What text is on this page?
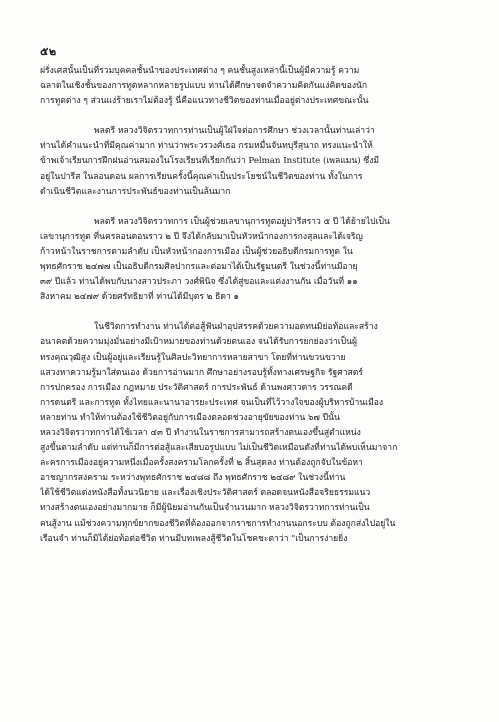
๕๒

ฝรั่งเศสนั้นเป็นที่รวมบุคคลชั้นนำของประเทศต่าง ๆ คนชั้นสูงเหล่านี้เป็นผู้มีความรู้ ความ
ฉลาดในเชิงชั้นของการทูตหลากหลายรูปแบบ ท่านได้ศึกษาจดจำความคิดกันแง่คิดของนัก
การทูตต่าง ๆ ส่วนแง่ร้ายเราไม่ต้องรู้ นี่คือแนวทางชีวิตของท่านเมื่ออยู่ต่างประเทศขณะนั้น

พลตรี หลวงวิจิตรวาทการท่านเป็นผู้ใฝ่ใจต่อการศึกษา ช่วงเวลานั้นท่านเล่าว่า
ท่านได้คำแนะนำที่มีคุณค่ามาก ท่านว่าพระวรวงศ์เธอ กรมหมื่นจันทบุรีสุนาถ ทรงแนะนำให้
ข้าพเจ้าเรียนการฝึกฝนอ่านสมองในโรงเรียนที่เรียกกันว่า Pelman Institute (เพลแมน) ซึ่งมี
อยู่ในปารีส ในลอนดอน ผลการเรียนครั้งนี้คุณค่าเป็นประโยชน์ในชีวิตของท่าน ทั้งในการ
ดำเนินชีวิตและงานการประพันธ์ของท่านเป็นล้นมาก

พลตรี หลวงวิจิตรวาทการ เป็นผู้ช่วยเลขานุการทูตอยู่ปารีสราว ๕ ปี ได้ย้ายไปเป็น
เลขานุการทูต ที่นครลอนดอนราว ๒ ปี จึงได้กลับมาเป็นหัวหน้ากองการกงสุลและได้เจริญ
ก้าวหน้าในราชการตามลำดับ เป็นหัวหน้ากองการเมือง เป็นผู้ช่วยอธิบดีกรมการทูต ใน
พุทธศักราช ๒๔๗๗ เป็นอธิบดีกรมศิลปากรและต่อมาได้เป็นรัฐมนตรี ในช่วงนี้ท่านมีอายุ
๓๙ ปีแล้ว ท่านได้พบกับนางสาวประภา วงศ์พินิจ ซึ่งได้สู่ขอและแต่งงานกัน เมื่อวันที่ ๑๑
สิงหาคม ๒๔๗๙ ด้วยศรัทธิยาที่ ท่านได้มีบุตร ๒ ธิดา ๑

ในชีวิตการทำงาน ท่านได้ต่อสู้ฟันฝ่าอุปสรรคด้วยความอดทนมิย่อท้อและสร้าง
อนาคตด้วยความมุ่งมั่นอย่างมีเป้าหมายของท่านด้วยตนเอง จนได้รับการยกย่องว่าเป็นผู้
ทรงคุณวุฒิสูง เป็นผู้อยู่และเรียนรู้ในศิลปะวิทยาการหลายสาขา โดยที่ท่านขวนขวาย
แสวงหาความรู้มาใส่ตนเอง ด้วยการอ่านมาก ศึกษาอย่างรอบรู้ทั้งทางเศรษฐกิจ รัฐศาสตร์
การปกครอง การเมือง กฎหมาย ประวัติศาสตร์ การประพันธ์ ด้านพงศาวดาร วรรณคดี
การดนตรี และการทูต ทั้งไทยและนานาอารยะประเทศ จนเป็นที่ไว้วางใจของผู้บริหารบ้านเมือง
หลายท่าน ทำให้ท่านต้องใช้ชีวิตอยู่กับการเมืองตลอดช่วงอายุขัยของท่าน ๖๗ ปีนั้น
หลวงวิจิตรวาทการได้ใช้เวลา ๔๓ ปี ทำงานในราชการสามารถสร้างตนเองขึ้นสู่ตำแหน่ง
สูงขึ้นตามลำดับ แต่ท่านก็มีการต่อสู้และเสียบอรูปแบบ ไม่เป็นชีวิตเหมือนดังที่ท่านได้พบเห็นมาจาก
ละครการเมืองอยู่ความหนึ่งเมื่อครั้งสงครามโลกครั้งที่ ๒ สิ้นสุดลง ท่านต้องถูกจับในข้อหา
อาชญากรสงคราม ระหว่างพุทธศักราช ๒๔๘๘ ถึง พุทธศักราช ๒๔๘๙ ในช่วงนี้ท่าน
ได้ใช้ชีวิตแต่งหนังสือทั้งนวนิยาย และเรื่องเชิงประวัติศาสตร์ ตลอดจนหนังสือจริยธรรมแนว
ทางสร้างตนเองอย่างมากมาย ก็มีผู้นิยมอ่านกันเป็นจำนวนมาก หลวงวิจิตรวาทการท่านเป็น
คนสู้งาน แม้ช่วงความทุกข์ยากของชีวิตที่ต้องออกจากราชการทำงานนอกระบบ ต้องถูกส่งไปอยู่ใน
เรือนจำ ท่านก็มิได้ย่อท้อต่อชีวิต ท่านมีบทเพลงสู้ชีวิตในโชคชะตาว่า "เป็นการง่ายยิ่ง
